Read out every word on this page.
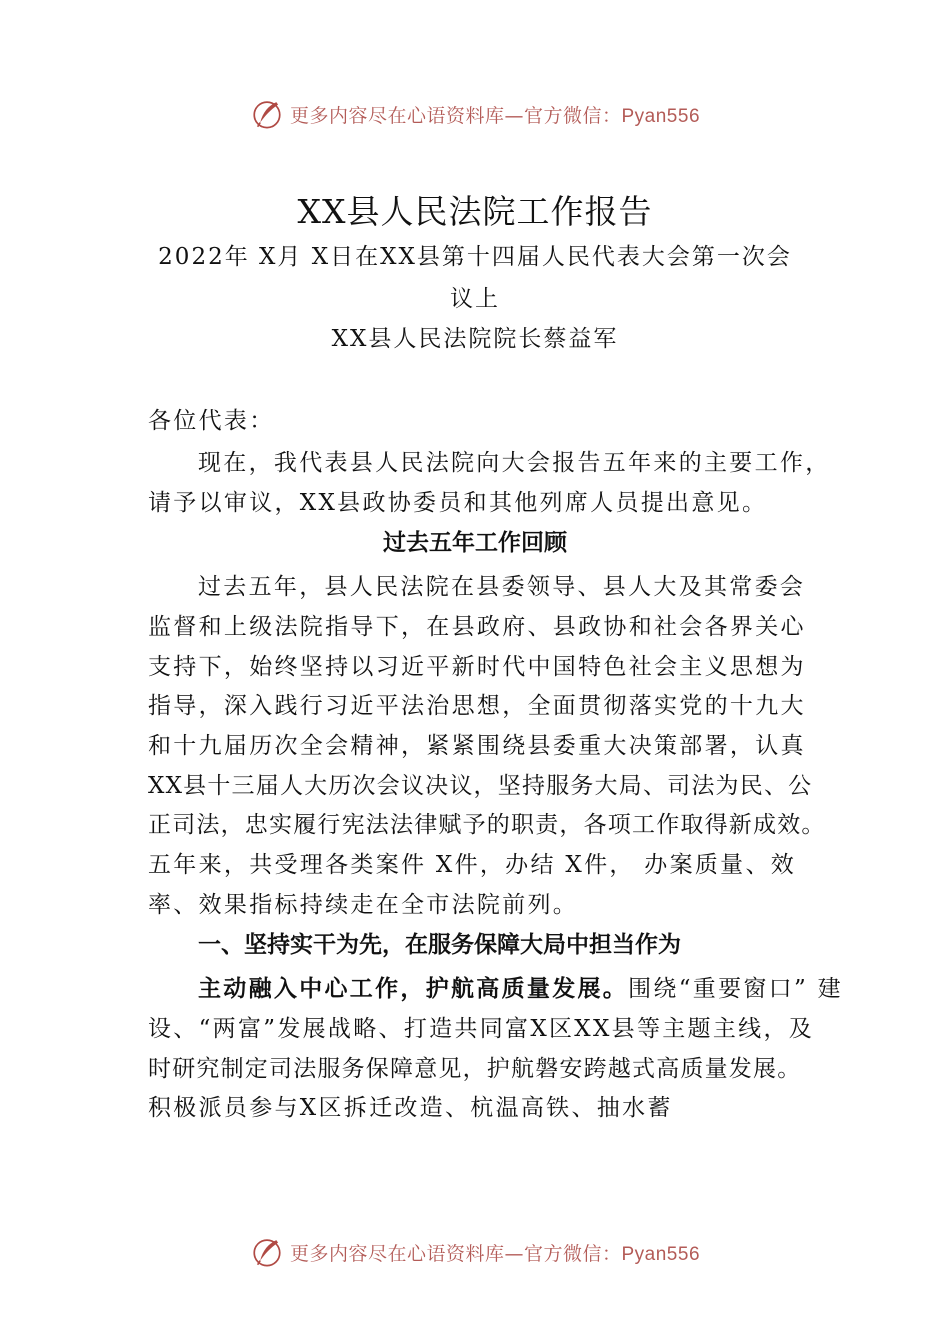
更多内容尽在心语资料库—官方微信：Pyan556
XX县人民法院工作报告
2022年 X月 X日在XX县第十四届人民代表大会第一次会
议上
XX县人民法院院长蔡益军
各位代表：
现在，我代表县人民法院向大会报告五年来的主要工作，
请予以审议，XX县政协委员和其他列席人员提出意见。
过去五年工作回顾
过去五年，县人民法院在县委领导、县人大及其常委会
监督和上级法院指导下，在县政府、县政协和社会各界关心
支持下，始终坚持以习近平新时代中国特色社会主义思想为
指导，深入践行习近平法治思想，全面贯彻落实党的十九大
和十九届历次全会精神，紧紧围绕县委重大决策部署，认真
XX县十三届人大历次会议决议，坚持服务大局、司法为民、公
正司法，忠实履行宪法法律赋予的职责，各项工作取得新成效。
五年来，共受理各类案件 X件，办结 X件， 办案质量、效
率、效果指标持续走在全市法院前列。
一、坚持实干为先，在服务保障大局中担当作为
主动融入中心工作，护航高质量发展。围绕“重要窗口” 建
设、“两富”发展战略、打造共同富X区XX县等主题主线，及
时研究制定司法服务保障意见，护航磐安跨越式高质量发展。
积极派员参与X区拆迁改造、杭温高铁、抽水蓄
更多内容尽在心语资料库—官方微信：Pyan556
